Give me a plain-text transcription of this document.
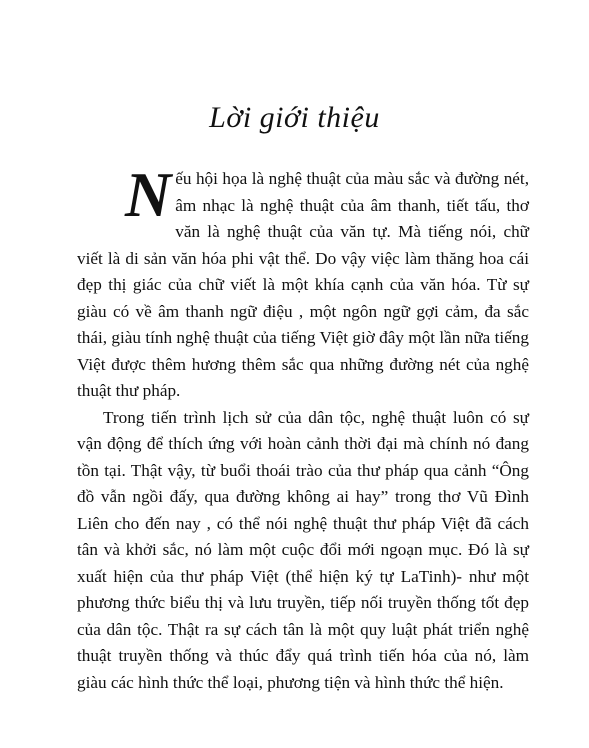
Lời giới thiệu

Nếu hội họa là nghệ thuật của màu sắc và đường nét, âm nhạc là nghệ thuật của âm thanh, tiết tấu, thơ văn là nghệ thuật của văn tự. Mà tiếng nói, chữ viết là di sản văn hóa phi vật thể. Do vậy việc làm thăng hoa cái đẹp thị giác của chữ viết là một khía cạnh của văn hóa. Từ sự giàu có về âm thanh ngữ điệu , một ngôn ngữ gợi cảm, đa sắc thái, giàu tính nghệ thuật của tiếng Việt giờ đây một lần nữa tiếng Việt được thêm hương thêm sắc qua những đường nét của nghệ thuật thư pháp.

Trong tiến trình lịch sử của dân tộc, nghệ thuật luôn có sự vận động để thích ứng với hoàn cảnh thời đại mà chính nó đang tồn tại. Thật vậy, từ buổi thoái trào của thư pháp qua cảnh “Ông đồ vẫn ngồi đấy, qua đường không ai hay” trong thơ Vũ Đình Liên cho đến nay , có thể nói nghệ thuật thư pháp Việt đã cách tân và khởi sắc, nó làm một cuộc đổi mới ngoạn mục. Đó là sự xuất hiện của thư pháp Việt (thể hiện ký tự LaTinh)- như một phương thức biểu thị và lưu truyền, tiếp nối truyền thống tốt đẹp của dân tộc. Thật ra sự cách tân là một quy luật phát triển nghệ thuật truyền thống và thúc đẩy quá trình tiến hóa của nó, làm giàu các hình thức thể loại, phương tiện và hình thức thể hiện.
